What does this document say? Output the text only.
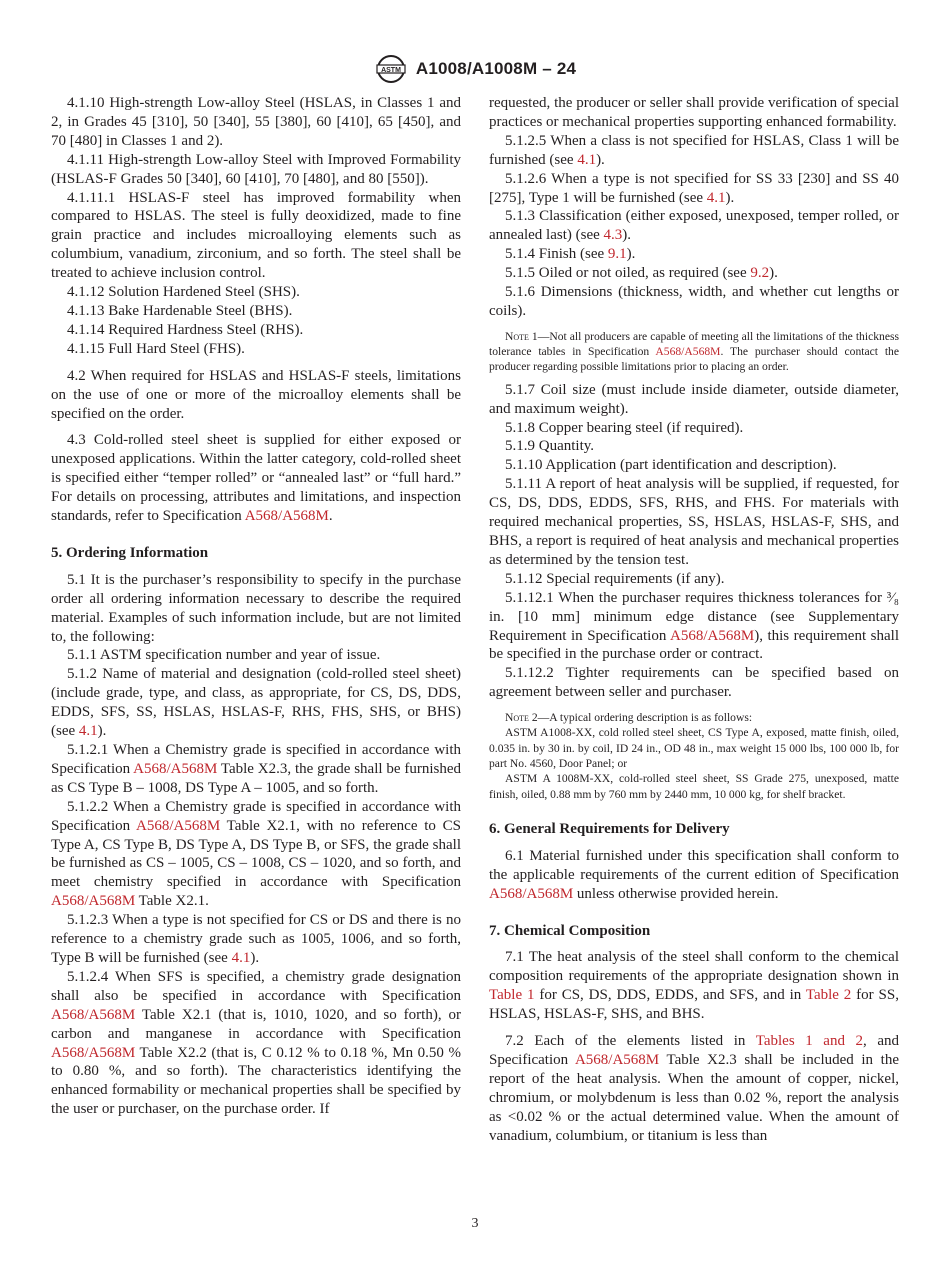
ASTM A1008/A1008M – 24

4.1.10 High-strength Low-alloy Steel (HSLAS, in Classes 1 and 2, in Grades 45 [310], 50 [340], 55 [380], 60 [410], 65 [450], and 70 [480] in Classes 1 and 2).

4.1.11 High-strength Low-alloy Steel with Improved Formability (HSLAS-F Grades 50 [340], 60 [410], 70 [480], and 80 [550]).

4.1.11.1 HSLAS-F steel has improved formability when compared to HSLAS. The steel is fully deoxidized, made to fine grain practice and includes microalloying elements such as columbium, vanadium, zirconium, and so forth. The steel shall be treated to achieve inclusion control.

4.1.12 Solution Hardened Steel (SHS).

4.1.13 Bake Hardenable Steel (BHS).

4.1.14 Required Hardness Steel (RHS).

4.1.15 Full Hard Steel (FHS).

4.2 When required for HSLAS and HSLAS-F steels, limitations on the use of one or more of the microalloy elements shall be specified on the order.

4.3 Cold-rolled steel sheet is supplied for either exposed or unexposed applications. Within the latter category, cold-rolled sheet is specified either “temper rolled” or “annealed last” or “full hard.” For details on processing, attributes and limitations, and inspection standards, refer to Specification A568/A568M.

5. Ordering Information

5.1 It is the purchaser’s responsibility to specify in the purchase order all ordering information necessary to describe the required material. Examples of such information include, but are not limited to, the following:

5.1.1 ASTM specification number and year of issue.

5.1.2 Name of material and designation (cold-rolled steel sheet) (include grade, type, and class, as appropriate, for CS, DS, DDS, EDDS, SFS, SS, HSLAS, HSLAS-F, RHS, FHS, SHS, or BHS) (see 4.1).

5.1.2.1 When a Chemistry grade is specified in accordance with Specification A568/A568M Table X2.3, the grade shall be furnished as CS Type B – 1008, DS Type A – 1005, and so forth.

5.1.2.2 When a Chemistry grade is specified in accordance with Specification A568/A568M Table X2.1, with no reference to CS Type A, CS Type B, DS Type A, DS Type B, or SFS, the grade shall be furnished as CS – 1005, CS – 1008, CS – 1020, and so forth, and meet chemistry specified in accordance with Specification A568/A568M Table X2.1.

5.1.2.3 When a type is not specified for CS or DS and there is no reference to a chemistry grade such as 1005, 1006, and so forth, Type B will be furnished (see 4.1).

5.1.2.4 When SFS is specified, a chemistry grade designation shall also be specified in accordance with Specification A568/A568M Table X2.1 (that is, 1010, 1020, and so forth), or carbon and manganese in accordance with Specification A568/A568M Table X2.2 (that is, C 0.12 % to 0.18 %, Mn 0.50 % to 0.80 %, and so forth). The characteristics identifying the enhanced formability or mechanical properties shall be specified by the user or purchaser, on the purchase order. If

requested, the producer or seller shall provide verification of special practices or mechanical properties supporting enhanced formability.

5.1.2.5 When a class is not specified for HSLAS, Class 1 will be furnished (see 4.1).

5.1.2.6 When a type is not specified for SS 33 [230] and SS 40 [275], Type 1 will be furnished (see 4.1).

5.1.3 Classification (either exposed, unexposed, temper rolled, or annealed last) (see 4.3).

5.1.4 Finish (see 9.1).

5.1.5 Oiled or not oiled, as required (see 9.2).

5.1.6 Dimensions (thickness, width, and whether cut lengths or coils).

Note 1—Not all producers are capable of meeting all the limitations of the thickness tolerance tables in Specification A568/A568M. The purchaser should contact the producer regarding possible limitations prior to placing an order.

5.1.7 Coil size (must include inside diameter, outside diameter, and maximum weight).

5.1.8 Copper bearing steel (if required).

5.1.9 Quantity.

5.1.10 Application (part identification and description).

5.1.11 A report of heat analysis will be supplied, if requested, for CS, DS, DDS, EDDS, SFS, RHS, and FHS. For materials with required mechanical properties, SS, HSLAS, HSLAS-F, SHS, and BHS, a report is required of heat analysis and mechanical properties as determined by the tension test.

5.1.12 Special requirements (if any).

5.1.12.1 When the purchaser requires thickness tolerances for ³⁄₈ in. [10 mm] minimum edge distance (see Supplementary Requirement in Specification A568/A568M), this requirement shall be specified in the purchase order or contract.

5.1.12.2 Tighter requirements can be specified based on agreement between seller and purchaser.

Note 2—A typical ordering description is as follows:

ASTM A1008-XX, cold rolled steel sheet, CS Type A, exposed, matte finish, oiled, 0.035 in. by 30 in. by coil, ID 24 in., OD 48 in., max weight 15 000 lbs, 100 000 lb, for part No. 4560, Door Panel; or

ASTM A 1008M-XX, cold-rolled steel sheet, SS Grade 275, unexposed, matte finish, oiled, 0.88 mm by 760 mm by 2440 mm, 10 000 kg, for shelf bracket.

6. General Requirements for Delivery

6.1 Material furnished under this specification shall conform to the applicable requirements of the current edition of Specification A568/A568M unless otherwise provided herein.

7. Chemical Composition

7.1 The heat analysis of the steel shall conform to the chemical composition requirements of the appropriate designation shown in Table 1 for CS, DS, DDS, EDDS, and SFS, and in Table 2 for SS, HSLAS, HSLAS-F, SHS, and BHS.

7.2 Each of the elements listed in Tables 1 and 2, and Specification A568/A568M Table X2.3 shall be included in the report of the heat analysis. When the amount of copper, nickel, chromium, or molybdenum is less than 0.02 %, report the analysis as <0.02 % or the actual determined value. When the amount of vanadium, columbium, or titanium is less than

3
